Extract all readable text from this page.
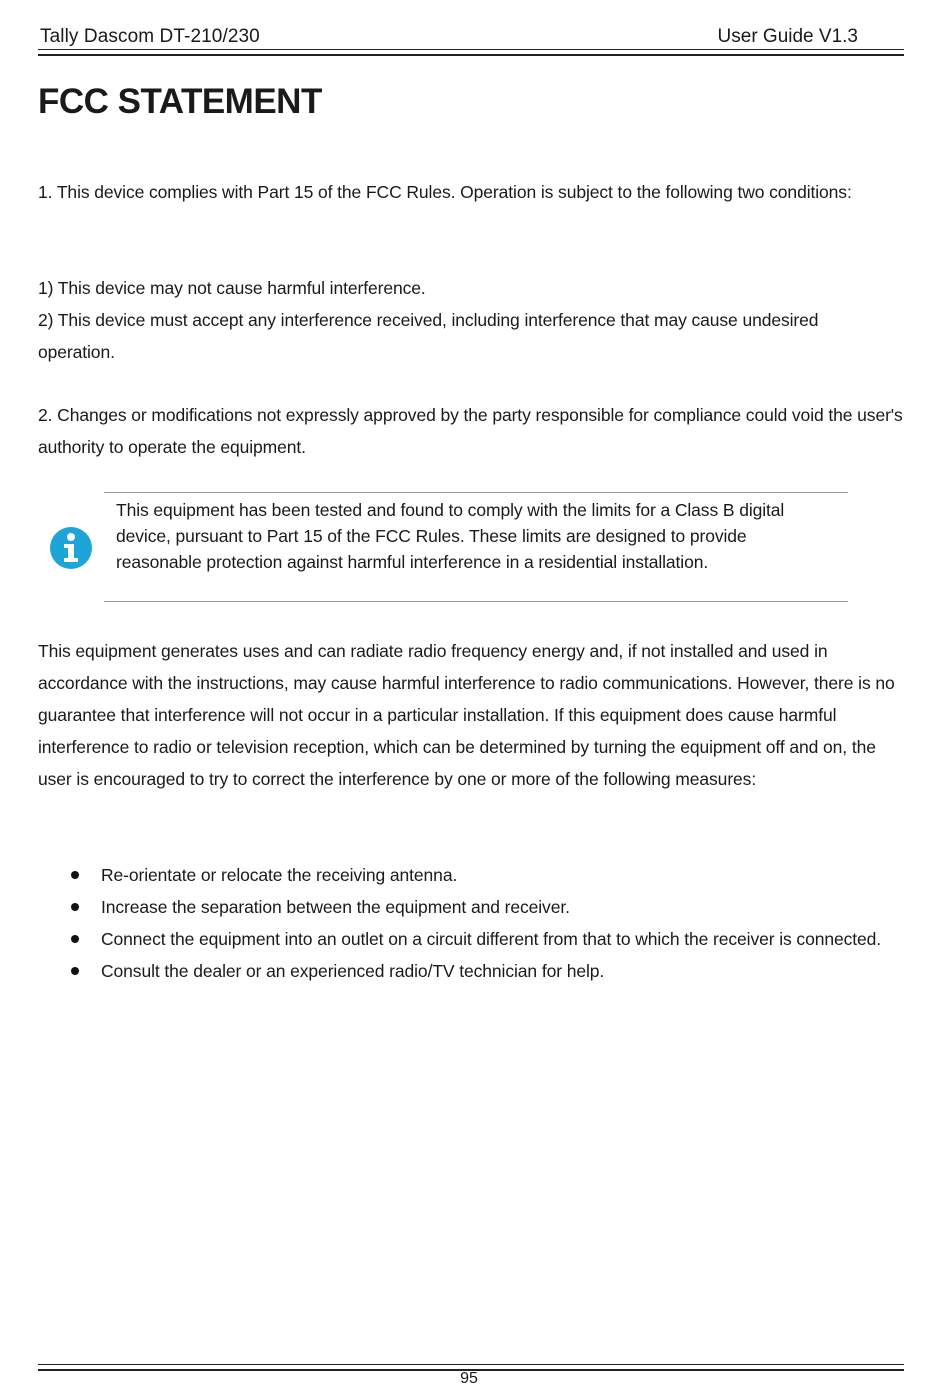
Tally Dascom DT-210/230	User Guide V1.3
FCC STATEMENT

1. This device complies with Part 15 of the FCC Rules. Operation is subject to the following two conditions:

1) This device may not cause harmful interference.
2) This device must accept any interference received, including interference that may cause undesired operation.

2. Changes or modifications not expressly approved by the party responsible for compliance could void the user's authority to operate the equipment.

This equipment has been tested and found to comply with the limits for a Class B digital device, pursuant to Part 15 of the FCC Rules. These limits are designed to provide reasonable protection against harmful interference in a residential installation.

This equipment generates uses and can radiate radio frequency energy and, if not installed and used in accordance with the instructions, may cause harmful interference to radio communications. However, there is no guarantee that interference will not occur in a particular installation. If this equipment does cause harmful interference to radio or television reception, which can be determined by turning the equipment off and on, the user is encouraged to try to correct the interference by one or more of the following measures:

Re-orientate or relocate the receiving antenna.
Increase the separation between the equipment and receiver.
Connect the equipment into an outlet on a circuit different from that to which the receiver is connected.
Consult the dealer or an experienced radio/TV technician for help.
95
